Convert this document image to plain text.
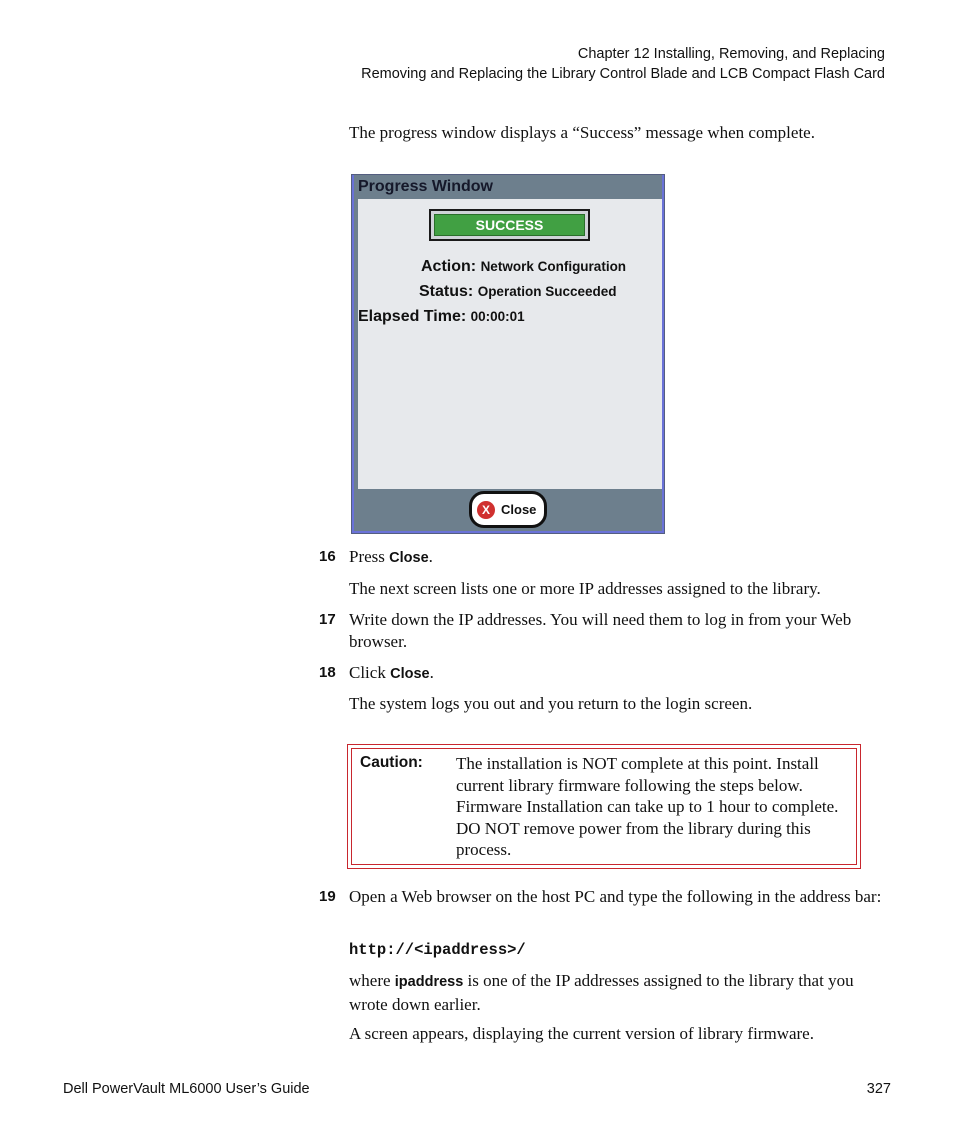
Chapter 12 Installing, Removing, and Replacing
Removing and Replacing the Library Control Blade and LCB Compact Flash Card
The progress window displays a “Success” message when complete.
Progress Window
SUCCESS
Action: Network Configuration
Status: Operation Succeeded
Elapsed Time: 00:00:01
X Close
16 Press Close.
The next screen lists one or more IP addresses assigned to the library.
17 Write down the IP addresses. You will need them to log in from your Web browser.
18 Click Close.
The system logs you out and you return to the login screen.
Caution: The installation is NOT complete at this point. Install current library firmware following the steps below. Firmware Installation can take up to 1 hour to complete. DO NOT remove power from the library during this process.
19 Open a Web browser on the host PC and type the following in the address bar:
http://<ipaddress>/
where ipaddress is one of the IP addresses assigned to the library that you wrote down earlier.
A screen appears, displaying the current version of library firmware.
Dell PowerVault ML6000 User’s Guide	327
